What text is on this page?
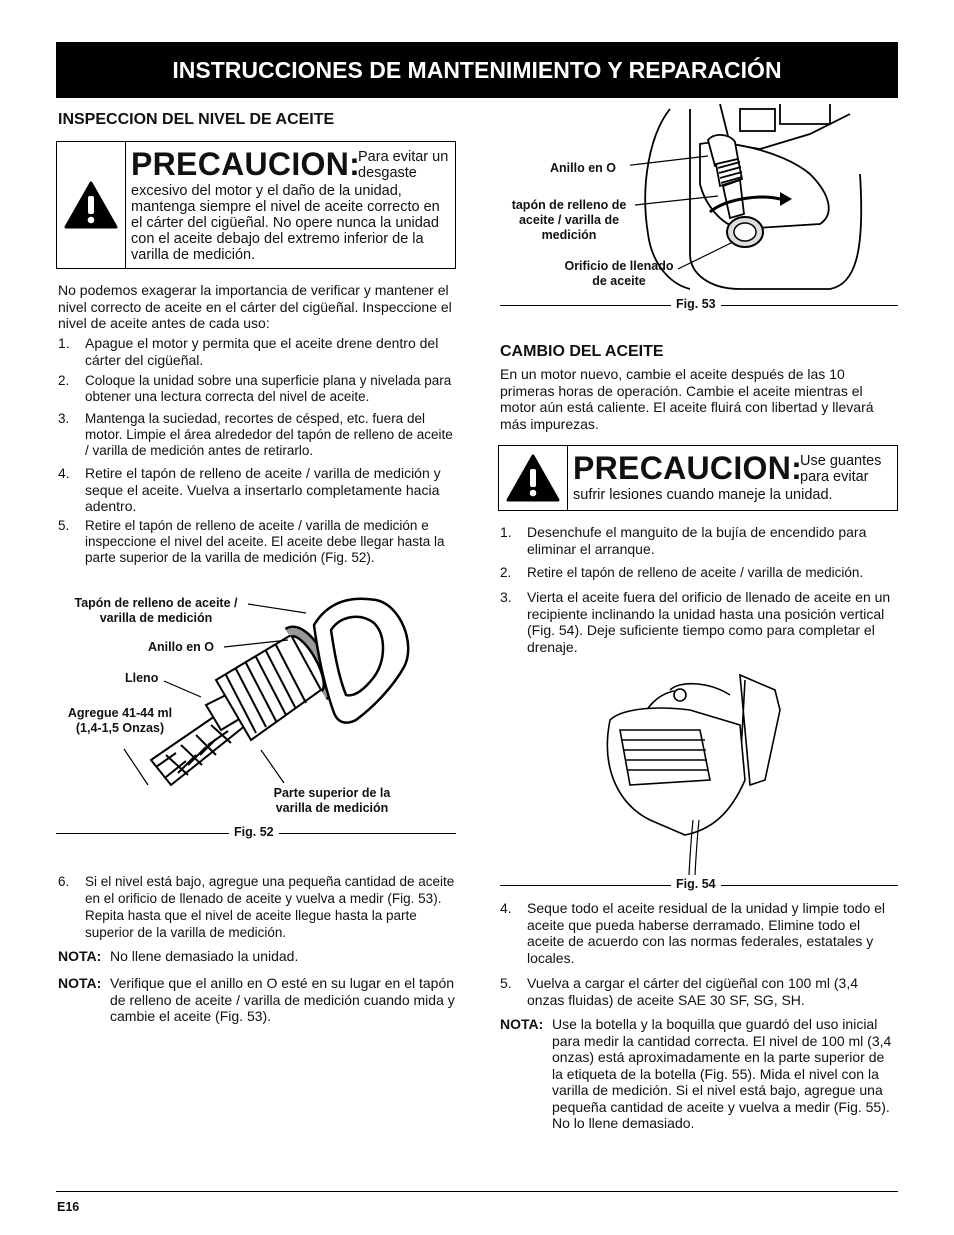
INSTRUCCIONES DE MANTENIMIENTO Y REPARACIÓN
INSPECCION DEL NIVEL DE ACEITE
PRECAUCION:
Para evitar un desgaste
excesivo del motor y el daño de la unidad, mantenga siempre el nivel de aceite correcto en el cárter del cigüeñal. No opere nunca la unidad con el aceite debajo del extremo inferior de la varilla de medición.
No podemos exagerar la importancia de verificar y mantener el nivel correcto de aceite en el cárter del cigüeñal. Inspeccione el nivel de aceite antes de cada uso:
1.	Apague el motor y permita que el aceite drene dentro del cárter del cigüeñal.
2.	Coloque la unidad sobre una superficie plana y nivelada para obtener una lectura correcta del nivel de aceite.
3.	Mantenga la suciedad, recortes de césped, etc. fuera del motor. Limpie el área alrededor del tapón de relleno de aceite / varilla de medición antes de retirarlo.
4.	Retire el tapón de relleno de aceite / varilla de medición y seque el aceite. Vuelva a insertarlo completamente hacia adentro.
5.	Retire el tapón de relleno de aceite / varilla de medición e inspeccione el nivel del aceite. El aceite debe llegar hasta la parte superior de la varilla de medición (Fig. 52).
Tapón de relleno de aceite / varilla de medición
Anillo en O
Lleno
Agregue 41-44 ml (1,4-1,5 Onzas)
Parte superior de la varilla de medición
Fig. 52
6.	Si el nivel está bajo, agregue una pequeña cantidad de aceite en el orificio de llenado de aceite y vuelva a medir (Fig. 53). Repita hasta que el nivel de aceite llegue hasta la parte superior de la varilla de medición.
NOTA: No llene demasiado la unidad.
NOTA: Verifique que el anillo en O esté en su lugar en el tapón de relleno de aceite / varilla de medición cuando mida y cambie el aceite (Fig. 53).
Anillo en O
tapón de relleno de aceite / varilla de medición
Orificio de llenado de aceite
Fig. 53
CAMBIO DEL ACEITE
En un motor nuevo, cambie el aceite después de las 10 primeras horas de operación. Cambie el aceite mientras el motor aún está caliente. El aceite fluirá con libertad y llevará más impurezas.
PRECAUCION:
Use guantes para evitar
sufrir lesiones cuando maneje la unidad.
1.	Desenchufe el manguito de la bujía de encendido para eliminar el arranque.
2.	Retire el tapón de relleno de aceite / varilla de medición.
3.	Vierta el aceite fuera del orificio de llenado de aceite en un recipiente inclinando la unidad hasta una posición vertical (Fig. 54). Deje suficiente tiempo como para completar el drenaje.
Fig. 54
4.	Seque todo el aceite residual de la unidad y limpie todo el aceite que pueda haberse derramado. Elimine todo el aceite de acuerdo con las normas federales, estatales y locales.
5.	Vuelva a cargar el cárter del cigüeñal con 100 ml (3,4 onzas fluidas) de aceite SAE 30 SF, SG, SH.
NOTA: Use la botella y la boquilla que guardó del uso inicial para medir la cantidad correcta. El nivel de 100 ml (3,4 onzas) está aproximadamente en la parte superior de la etiqueta de la botella (Fig. 55). Mida el nivel con la varilla de medición. Si el nivel está bajo, agregue una pequeña cantidad de aceite y vuelva a medir (Fig. 55). No lo llene demasiado.
E16
